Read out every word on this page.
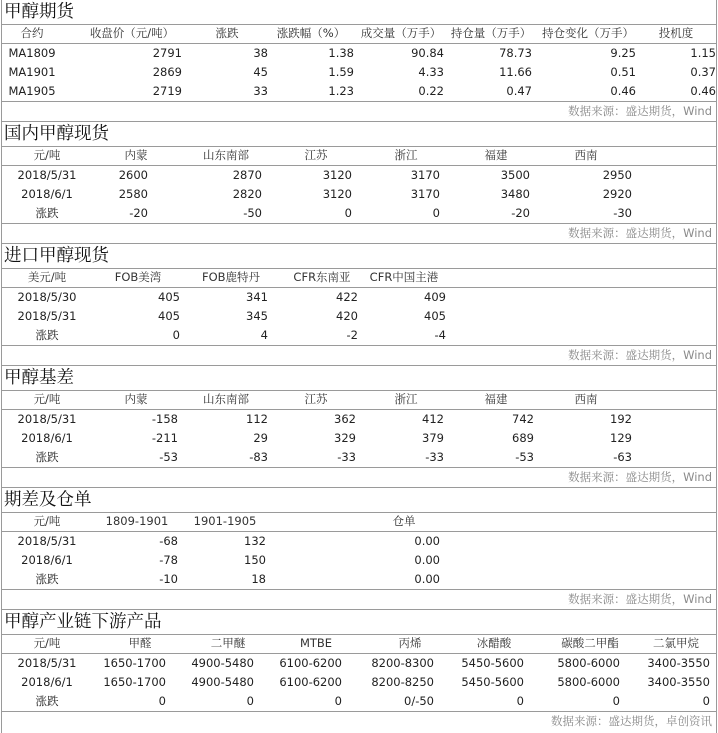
甲醇期货
合约	收盘价（元/吨）	涨跌	涨跌幅（%）	成交量（万手） 持仓量（万手） 持仓变化（万手）	投机度
MA1809	2791	38	1.38	90.84	78.73	9.25	1.15
MA1901	2869	45	1.59	4.33	11.66	0.51	0.37
MA1905	2719	33	1.23	0.22	0.47	0.46	0.46
数据来源：盛达期货，Wind
国内甲醇现货
元/吨	内蒙	山东南部	江苏	浙江	福建	西南
2018/5/31	2600	2870	3120	3170	3500	2950
2018/6/1	2580	2820	3120	3170	3480	2920
涨跌	-20	-50	0	0	-20	-30
数据来源：盛达期货，Wind
进口甲醇现货
美元/吨	FOB美湾	FOB鹿特丹	CFR东南亚	CFR中国主港
2018/5/30	405	341	422	409
2018/5/31	405	345	420	405
涨跌	0	4	-2	-4
数据来源：盛达期货，Wind
甲醇基差
元/吨	内蒙	山东南部	江苏	浙江	福建	西南
2018/5/31	-158	112	362	412	742	192
2018/6/1	-211	29	329	379	689	129
涨跌	-53	-83	-33	-33	-53	-63
数据来源：盛达期货，Wind
期差及仓单
元/吨	1809-1901	1901-1905	仓单
2018/5/31	-68	132	0.00
2018/6/1	-78	150	0.00
涨跌	-10	18	0.00
数据来源：盛达期货，Wind
甲醇产业链下游产品
元/吨	甲醛	二甲醚	MTBE	丙烯	冰醋酸	碳酸二甲酯	二氯甲烷
2018/5/31	1650-1700	4900-5480	6100-6200	8200-8300	5450-5600	5800-6000	3400-3550
2018/6/1	1650-1700	4900-5480	6100-6200	8200-8250	5450-5600	5800-6000	3400-3550
涨跌	0	0	0	0/-50	0	0	0
数据来源：盛达期货，卓创资讯
